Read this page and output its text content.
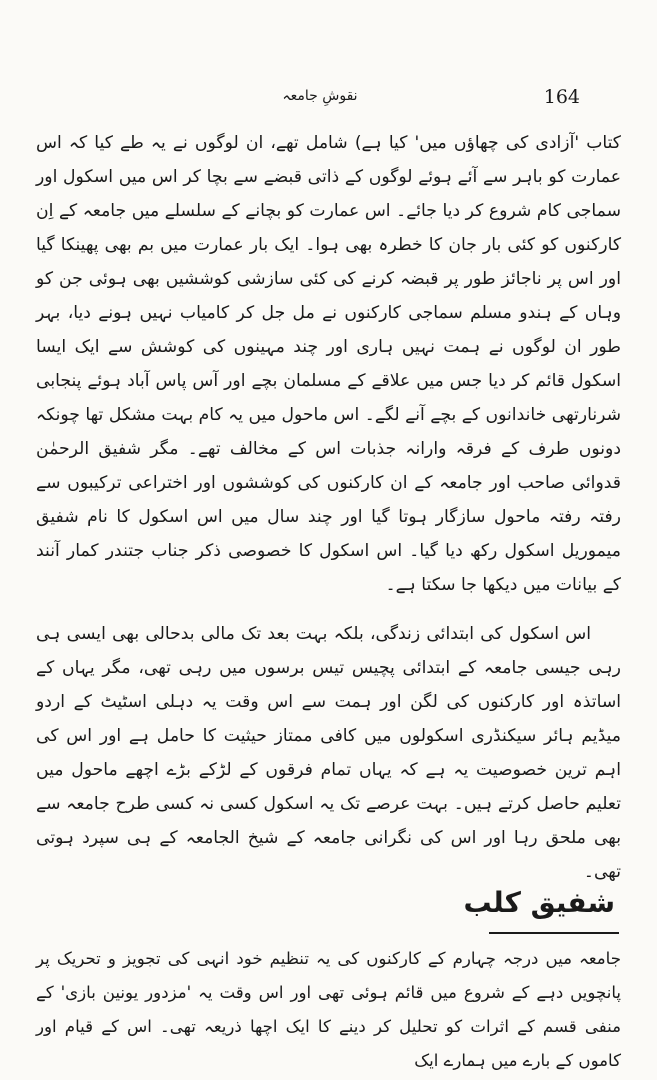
نقوشِ جامعہ	164

کتاب 'آزادی کی چھاؤں میں' کیا ہے) شامل تھے، ان لوگوں نے یہ طے کیا کہ اس عمارت کو باہر سے آئے ہوئے لوگوں کے ذاتی قبضے سے بچا کر اس میں اسکول اور سماجی کام شروع کر دیا جائے۔ اس عمارت کو بچانے کے سلسلے میں جامعہ کے اِن کارکنوں کو کئی بار جان کا خطرہ بھی ہوا۔ ایک بار عمارت میں بم بھی پھینکا گیا اور اس پر ناجائز طور پر قبضہ کرنے کی کئی سازشی کوششیں بھی ہوئی جن کو وہاں کے ہندو مسلم سماجی کارکنوں نے مل جل کر کامیاب نہیں ہونے دیا، بہر طور ان لوگوں نے ہمت نہیں ہاری اور چند مہینوں کی کوشش سے ایک ایسا اسکول قائم کر دیا جس میں علاقے کے مسلمان بچے اور آس پاس آباد ہوئے پنجابی شرنارتھی خاندانوں کے بچے آنے لگے۔ اس ماحول میں یہ کام بہت مشکل تھا چونکہ دونوں طرف کے فرقہ وارانہ جذبات اس کے مخالف تھے۔ مگر شفیق الرحمٰن قدوائی صاحب اور جامعہ کے ان کارکنوں کی کوششوں اور اختراعی ترکیبوں سے رفتہ رفتہ ماحول سازگار ہوتا گیا اور چند سال میں اس اسکول کا نام شفیق میموریل اسکول رکھ دیا گیا۔ اس اسکول کا خصوصی ذکر جناب جتندر کمار آنند کے بیانات میں دیکھا جا سکتا ہے۔

اس اسکول کی ابتدائی زندگی، بلکہ بہت بعد تک مالی بدحالی بھی ایسی ہی رہی جیسی جامعہ کے ابتدائی پچیس تیس برسوں میں رہی تھی، مگر یہاں کے اساتذہ اور کارکنوں کی لگن اور ہمت سے اس وقت یہ دہلی اسٹیٹ کے اردو میڈیم ہائر سیکنڈری اسکولوں میں کافی ممتاز حیثیت کا حامل ہے اور اس کی اہم ترین خصوصیت یہ ہے کہ یہاں تمام فرقوں کے لڑکے بڑے اچھے ماحول میں تعلیم حاصل کرتے ہیں۔ بہت عرصے تک یہ اسکول کسی نہ کسی طرح جامعہ سے بھی ملحق رہا اور اس کی نگرانی جامعہ کے شیخ الجامعہ کے ہی سپرد ہوتی تھی۔

شفیق کلب

جامعہ میں درجہ چہارم کے کارکنوں کی یہ تنظیم خود انہی کی تجویز و تحریک پر پانچویں دہے کے شروع میں قائم ہوئی تھی اور اس وقت یہ 'مزدور یونین بازی' کے منفی قسم کے اثرات کو تحلیل کر دینے کا ایک اچھا ذریعہ تھی۔ اس کے قیام اور کاموں کے بارے میں ہمارے ایک
